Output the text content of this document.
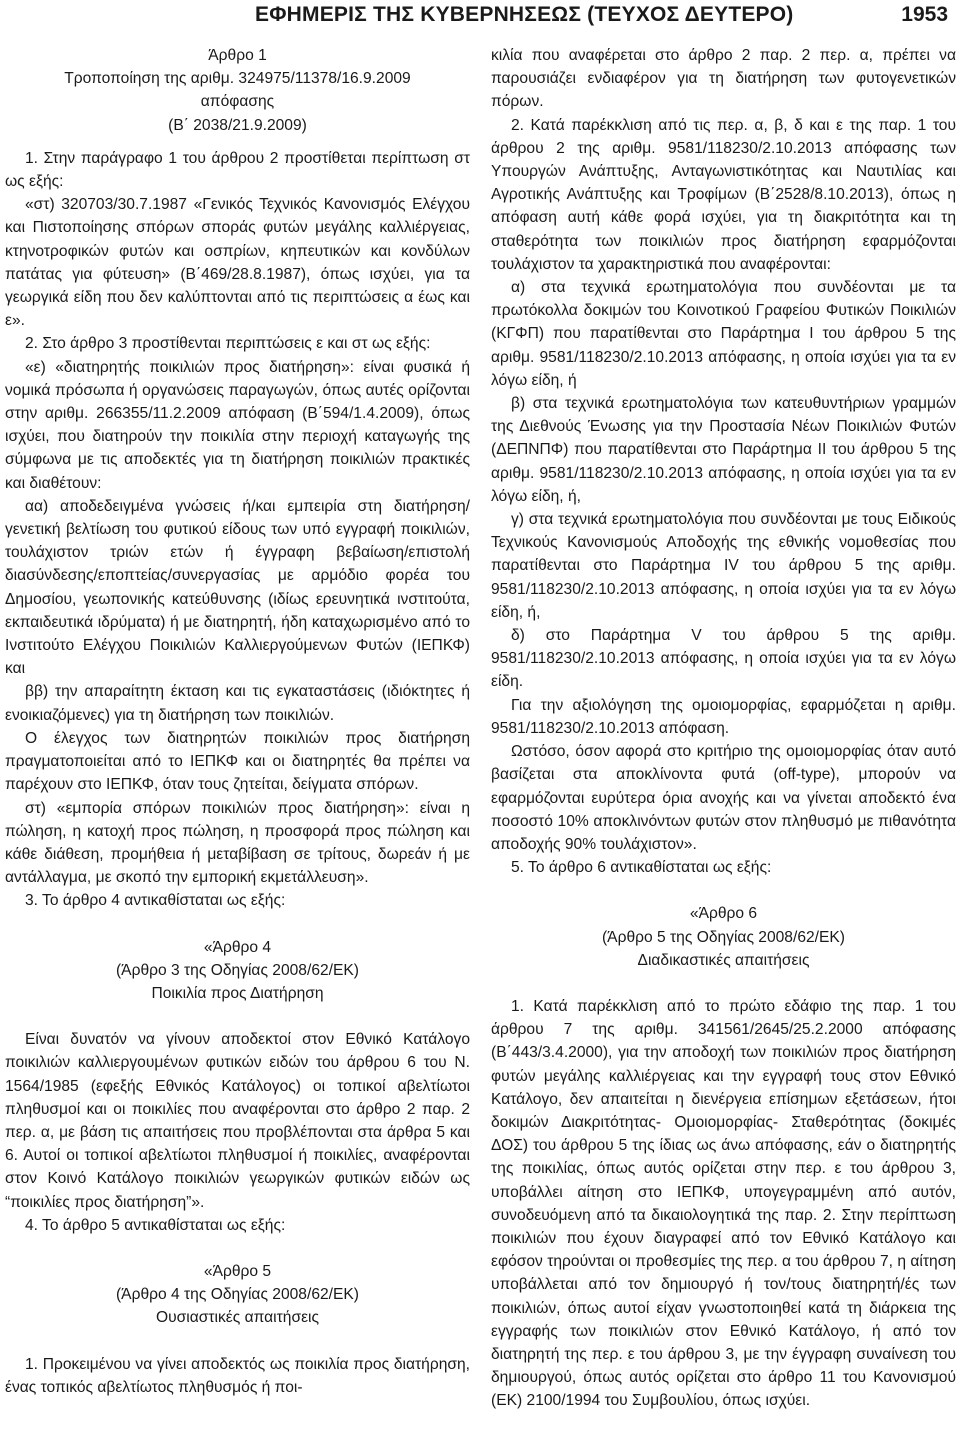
ΕΦΗΜΕΡΙΣ ΤΗΣ ΚΥΒΕΡΝΗΣΕΩΣ (ΤΕΥΧΟΣ ΔΕΥΤΕΡΟ)	1953

Άρθρο 1

Τροποποίηση της αριθμ. 324975/11378/16.9.2009

απόφασης

(Β΄ 2038/21.9.2009)

1. Στην παράγραφο 1 του άρθρου 2 προστίθεται περίπτωση στ ως εξής:

«στ) 320703/30.7.1987 «Γενικός Τεχνικός Κανονισμός Ελέγχου και Πιστοποίησης σπόρων σποράς φυτών μεγάλης καλλιέργειας, κτηνοτροφικών φυτών και οσπρίων, κηπευτικών και κονδύλων πατάτας για φύτευση» (Β΄469/28.8.1987), όπως ισχύει, για τα γεωργικά είδη που δεν καλύπτονται από τις περιπτώσεις α έως και ε».

2. Στο άρθρο 3 προστίθενται περιπτώσεις ε και στ ως εξής:

«ε) «διατηρητής ποικιλιών προς διατήρηση»: είναι φυσικά ή νομικά πρόσωπα ή οργανώσεις παραγωγών, όπως αυτές ορίζονται στην αριθμ. 266355/11.2.2009 απόφαση (Β΄594/1.4.2009), όπως ισχύει, που διατηρούν την ποικιλία στην περιοχή καταγωγής της σύμφωνα με τις αποδεκτές για τη διατήρηση ποικιλιών πρακτικές και διαθέτουν:

αα) αποδεδειγμένα γνώσεις ή/και εμπειρία στη διατήρηση/γενετική βελτίωση του φυτικού είδους των υπό εγγραφή ποικιλιών, τουλάχιστον τριών ετών ή έγγραφη βεβαίωση/επιστολή διασύνδεσης/εποπτείας/συνεργασίας με αρμόδιο φορέα του Δημοσίου, γεωπονικής κατεύθυνσης (ιδίως ερευνητικά ινστιτούτα, εκπαιδευτικά ιδρύματα) ή με διατηρητή, ήδη καταχωρισμένο από το Ινστιτούτο Ελέγχου Ποικιλιών Καλλιεργούμενων Φυτών (ΙΕΠΚΦ) και

ββ) την απαραίτητη έκταση και τις εγκαταστάσεις (ιδιόκτητες ή ενοικιαζόμενες) για τη διατήρηση των ποικιλιών.

Ο έλεγχος των διατηρητών ποικιλιών προς διατήρηση πραγματοποιείται από το ΙΕΠΚΦ και οι διατηρητές θα πρέπει να παρέχουν στο ΙΕΠΚΦ, όταν τους ζητείται, δείγματα σπόρων.

στ) «εμπορία σπόρων ποικιλιών προς διατήρηση»: είναι η πώληση, η κατοχή προς πώληση, η προσφορά προς πώληση και κάθε διάθεση, προμήθεια ή μεταβίβαση σε τρίτους, δωρεάν ή με αντάλλαγμα, με σκοπό την εμπορική εκμετάλλευση».

3. Το άρθρο 4 αντικαθίσταται ως εξής:

«Άρθρο 4

(Άρθρο 3 της Οδηγίας 2008/62/ΕΚ)

Ποικιλία προς Διατήρηση

Είναι δυνατόν να γίνουν αποδεκτοί στον Εθνικό Κατάλογο ποικιλιών καλλιεργουμένων φυτικών ειδών του άρθρου 6 του Ν. 1564/1985 (εφεξής Εθνικός Κατάλογος) οι τοπικοί αβελτίωτοι πληθυσμοί και οι ποικιλίες που αναφέρονται στο άρθρο 2 παρ. 2 περ. α, με βάση τις απαιτήσεις που προβλέπονται στα άρθρα 5 και 6. Αυτοί οι τοπικοί αβελτίωτοι πληθυσμοί ή ποικιλίες, αναφέρονται στον Κοινό Κατάλογο ποικιλιών γεωργικών φυτικών ειδών ως “ποικιλίες προς διατήρηση”».

4. Το άρθρο 5 αντικαθίσταται ως εξής:

«Άρθρο 5

(Άρθρο 4 της Οδηγίας 2008/62/ΕΚ)

Ουσιαστικές απαιτήσεις

1. Προκειμένου να γίνει αποδεκτός ως ποικιλία προς διατήρηση, ένας τοπικός αβελτίωτος πληθυσμός ή ποι-

κιλία που αναφέρεται στο άρθρο 2 παρ. 2 περ. α, πρέπει να παρουσιάζει ενδιαφέρον για τη διατήρηση των φυτογενετικών πόρων.

2. Κατά παρέκκλιση από τις περ. α, β, δ και ε της παρ. 1 του άρθρου 2 της αριθμ. 9581/118230/2.10.2013 απόφασης των Υπουργών Ανάπτυξης, Ανταγωνιστικότητας και Ναυτιλίας και Αγροτικής Ανάπτυξης και Τροφίμων (Β΄2528/8.10.2013), όπως η απόφαση αυτή κάθε φορά ισχύει, για τη διακριτότητα και τη σταθερότητα των ποικιλιών προς διατήρηση εφαρμόζονται τουλάχιστον τα χαρακτηριστικά που αναφέρονται:

α) στα τεχνικά ερωτηματολόγια που συνδέονται με τα πρωτόκολλα δοκιμών του Κοινοτικού Γραφείου Φυτικών Ποικιλιών (ΚΓΦΠ) που παρατίθενται στο Παράρτημα Ι του άρθρου 5 της αριθμ. 9581/118230/2.10.2013 απόφασης, η οποία ισχύει για τα εν λόγω είδη, ή

β) στα τεχνικά ερωτηματολόγια των κατευθυντήριων γραμμών της Διεθνούς Ένωσης για την Προστασία Νέων Ποικιλιών Φυτών (ΔΕΠΝΠΦ) που παρατίθενται στο Παράρτημα ΙΙ του άρθρου 5 της αριθμ. 9581/118230/2.10.2013 απόφασης, η οποία ισχύει για τα εν λόγω είδη, ή,

γ) στα τεχνικά ερωτηματολόγια που συνδέονται με τους Ειδικούς Τεχνικούς Κανονισμούς Αποδοχής της εθνικής νομοθεσίας που παρατίθενται στο Παράρτημα ΙV του άρθρου 5 της αριθμ. 9581/118230/2.10.2013 απόφασης, η οποία ισχύει για τα εν λόγω είδη, ή,

δ) στο Παράρτημα V του άρθρου 5 της αριθμ. 9581/118230/2.10.2013 απόφασης, η οποία ισχύει για τα εν λόγω είδη.

Για την αξιολόγηση της ομοιομορφίας, εφαρμόζεται η αριθμ. 9581/118230/2.10.2013 απόφαση.

Ωστόσο, όσον αφορά στο κριτήριο της ομοιομορφίας όταν αυτό βασίζεται στα αποκλίνοντα φυτά (off-type), μπορούν να εφαρμόζονται ευρύτερα όρια ανοχής και να γίνεται αποδεκτό ένα ποσοστό 10% αποκλινόντων φυτών στον πληθυσμό με πιθανότητα αποδοχής 90% τουλάχιστον».

5. Το άρθρο 6 αντικαθίσταται ως εξής:

«Άρθρο 6

(Άρθρο 5 της Οδηγίας 2008/62/ΕΚ)

Διαδικαστικές απαιτήσεις

1. Κατά παρέκκλιση από το πρώτο εδάφιο της παρ. 1 του άρθρου 7 της αριθμ. 341561/2645/25.2.2000 απόφασης (Β΄443/3.4.2000), για την αποδοχή των ποικιλιών προς διατήρηση φυτών μεγάλης καλλιέργειας και την εγγραφή τους στον Εθνικό Κατάλογο, δεν απαιτείται η διενέργεια επίσημων εξετάσεων, ήτοι δοκιμών Διακριτότητας- Ομοιομορφίας- Σταθερότητας (δοκιμές ΔΟΣ) του άρθρου 5 της ίδιας ως άνω απόφασης, εάν ο διατηρητής της ποικιλίας, όπως αυτός ορίζεται στην περ. ε του άρθρου 3, υποβάλλει αίτηση στο ΙΕΠΚΦ, υπογεγραμμένη από αυτόν, συνοδευόμενη από τα δικαιολογητικά της παρ. 2. Στην περίπτωση ποικιλιών που έχουν διαγραφεί από τον Εθνικό Κατάλογο και εφόσον τηρούνται οι προθεσμίες της περ. α του άρθρου 7, η αίτηση υποβάλλεται από τον δημιουργό ή τον/τους διατηρητή/ές των ποικιλιών, όπως αυτοί είχαν γνωστοποιηθεί κατά τη διάρκεια της εγγραφής των ποικιλιών στον Εθνικό Κατάλογο, ή από τον διατηρητή της περ. ε του άρθρου 3, με την έγγραφη συναίνεση του δημιουργού, όπως αυτός ορίζεται στο άρθρο 11 του Κανονισμού (ΕΚ) 2100/1994 του Συμβουλίου, όπως ισχύει.
